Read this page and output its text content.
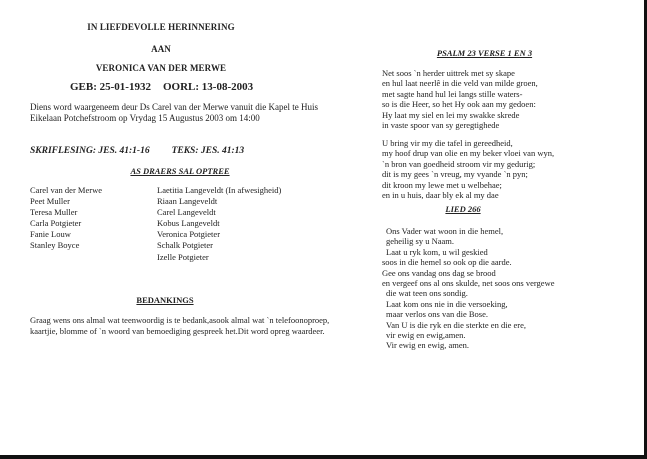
IN LIEFDEVOLLE HERINNERING
AAN
VERONICA VAN DER MERWE
GEB: 25-01-1932 OORL: 13-08-2003
Diens word waargeneem deur Ds Carel van der Merwe vanuit die Kapel te Huis Eikelaan Potchefstroom op Vrydag 15 Augustus 2003 om 14:00
SKRIFLESING: JES. 41:1-16 TEKS: JES. 41:13
AS DRAERS SAL OPTREE
Carel van der Merwe
Peet Muller
Teresa Muller
Carla Potgieter
Fanie Louw
Stanley Boyce
Laetitia Langeveldt (In afwesigheid)
Riaan Langeveldt
Carel Langeveldt
Kobus Langeveldt
Veronica Potgieter
Schalk Potgieter
Izelle Potgieter
BEDANKINGS
Graag wens ons almal wat teenwoordig is te bedank,asook almal wat `n telefoonoproep, kaartjie, blomme of `n woord van bemoediging gespreek het.Dit word opreg waardeer.
PSALM 23 VERSE 1 EN 3
Net soos `n herder uittrek met sy skape
en hul laat neerlê in die veld van milde groen,
met sagte hand hul lei langs stille waters-
so is die Heer, so het Hy ook aan my gedoen:
Hy laat my siel en lei my swakke skrede
in vaste spoor van sy geregtighede
U bring vir my die tafel in gereedheid,
my hoof drup van olie en my beker vloei van wyn,
`n bron van goedheid stroom vir my gedurig;
dit is my gees `n vreug, my vyande `n pyn;
dit kroon my lewe met u welbehae;
en in u huis, daar bly ek al my dae
LIED 266
Ons Vader wat woon in die hemel,
geheilig sy u Naam.
Laat u ryk kom, u wil geskied
soos in die hemel so ook op die aarde.
Gee ons vandag ons dag se brood
en vergeef ons al ons skulde, net soos ons vergewe
die wat teen ons sondig.
Laat kom ons nie in die versoeking,
maar verlos ons van die Bose.
Van U is die ryk en die sterkte en die ere,
vir ewig en ewig,amen.
Vir ewig en ewig, amen.
